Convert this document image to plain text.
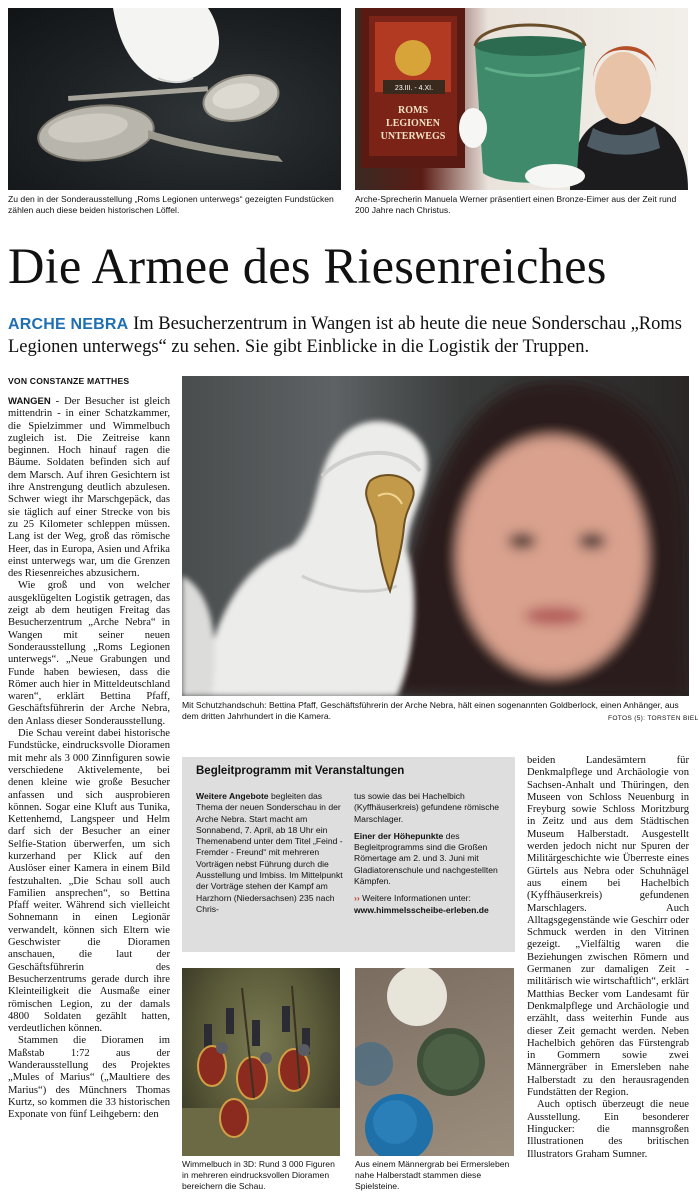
Zu den in der Sonderausstellung „Roms Legionen unterwegs“ gezeigten Fundstücken zählen auch diese beiden historischen Löffel.
23.III. - 4.XI.
ROMS
LEGIONEN
UNTERWEGS
Arche-Sprecherin Manuela Werner präsentiert einen Bronze-Eimer aus der Zeit rund 200 Jahre nach Christus.
Die Armee des Riesenreiches
ARCHE NEBRA Im Besucherzentrum in Wangen ist ab heute die neue Sonderschau „Roms Legionen unterwegs“ zu sehen. Sie gibt Einblicke in die Logistik der Truppen.
VON CONSTANZE MATTHES

WANGEN - Der Besucher ist gleich mittendrin - in einer Schatzkammer, die Spielzimmer und Wimmelbuch zugleich ist. Die Zeitreise kann beginnen. Hoch hinauf ragen die Bäume. Soldaten befinden sich auf dem Marsch. Auf ihren Gesichtern ist ihre Anstrengung deutlich abzulesen. Schwer wiegt ihr Marschgepäck, das sie täglich auf einer Strecke von bis zu 25 Kilometer schleppen müssen. Lang ist der Weg, groß das römische Heer, das in Europa, Asien und Afrika einst unterwegs war, um die Grenzen des Riesenreiches abzusichern.

Wie groß und von welcher ausgeklügelten Logistik getragen, das zeigt ab dem heutigen Freitag das Besucherzentrum „Arche Nebra“ in Wangen mit seiner neuen Sonderausstellung „Roms Legionen unterwegs“. „Neue Grabungen und Funde haben bewiesen, dass die Römer auch hier in Mitteldeutschland waren“, erklärt Bettina Pfaff, Geschäftsführerin der Arche Nebra, den Anlass dieser Sonderausstellung.

Die Schau vereint dabei historische Fundstücke, eindrucksvolle Dioramen mit mehr als 3 000 Zinnfiguren sowie verschiedene Aktivelemente, bei denen kleine wie große Besucher anfassen und sich ausprobieren können. Sogar eine Kluft aus Tunika, Kettenhemd, Langspeer und Helm darf sich der Besucher an einer Selfie-Station überwerfen, um sich kurzerhand per Klick auf den Auslöser einer Kamera in einem Bild festzuhalten. „Die Schau soll auch Familien ansprechen“, so Bettina Pfaff weiter. Während sich vielleicht Sohnemann in einen Legionär verwandelt, können sich Eltern wie Geschwister die Dioramen anschauen, die laut der Geschäftsführerin des Besucherzentrums gerade durch ihre Kleinteiligkeit die Ausmaße einer römischen Legion, zu der damals 4800 Soldaten gezählt hatten, verdeutlichen können.

Stammen die Dioramen im Maßstab 1:72 aus der Wanderausstellung des Projektes „Mules of Marius“ („Maultiere des Marius“) des Münchners Thomas Kurtz, so kommen die 33 historischen Exponate von fünf Leihgebern: den

Mit Schutzhandschuh: Bettina Pfaff, Geschäftsführerin der Arche Nebra, hält einen sogenannten Goldberlock, einen Anhänger, aus dem dritten Jahrhundert in die Kamera.	FOTOS (5): TORSTEN BIEL
Begleitprogramm mit Veranstaltungen
Weitere Angebote begleiten das Thema der neuen Sonderschau in der Arche Nebra. Start macht am Sonnabend, 7. April, ab 18 Uhr ein Themenabend unter dem Titel „Feind - Fremder - Freund“ mit mehreren Vorträgen nebst Führung durch die Ausstellung und Imbiss. Im Mittelpunkt der Vorträge stehen der Kampf am Harzhorn (Niedersachsen) 235 nach Chris-
tus sowie das bei Hachelbich (Kyffhäuserkreis) gefundene römische Marschlager.
Einer der Höhepunkte des Begleitprogramms sind die Großen Römertage am 2. und 3. Juni mit Gladiatorenschule und nachgestellten Kämpfen.
›› Weitere Informationen unter:
www.himmelsscheibe-erleben.de
Wimmelbuch in 3D: Rund 3 000 Figuren in mehreren eindrucksvollen Dioramen bereichern die Schau.
Aus einem Männergrab bei Ermersleben nahe Halberstadt stammen diese Spielsteine.

beiden Landesämtern für Denkmalpflege und Archäologie von Sachsen-Anhalt und Thüringen, den Museen von Schloss Neuenburg in Freyburg sowie Schloss Moritzburg in Zeitz und aus dem Städtischen Museum Halberstadt. Ausgestellt werden jedoch nicht nur Spuren der Militärgeschichte wie Überreste eines Gürtels aus Nebra oder Schuhnägel aus einem bei Hachelbich (Kyffhäuserkreis) gefundenen Marschlagers. Auch Alltagsgegenstände wie Geschirr oder Schmuck werden in den Vitrinen gezeigt. „Vielfältig waren die Beziehungen zwischen Römern und Germanen zur damaligen Zeit - militärisch wie wirtschaftlich“, erklärt Matthias Becker vom Landesamt für Denkmalpflege und Archäologie und erzählt, dass weiterhin Funde aus dieser Zeit gemacht werden. Neben Hachelbich gehören das Fürstengrab in Gommern sowie zwei Männergräber in Emersleben nahe Halberstadt zu den herausragenden Fundstätten der Region.

Auch optisch überzeugt die neue Ausstellung. Ein besonderer Hingucker: die mannsgroßen Illustrationen des britischen Illustrators Graham Sumner.
